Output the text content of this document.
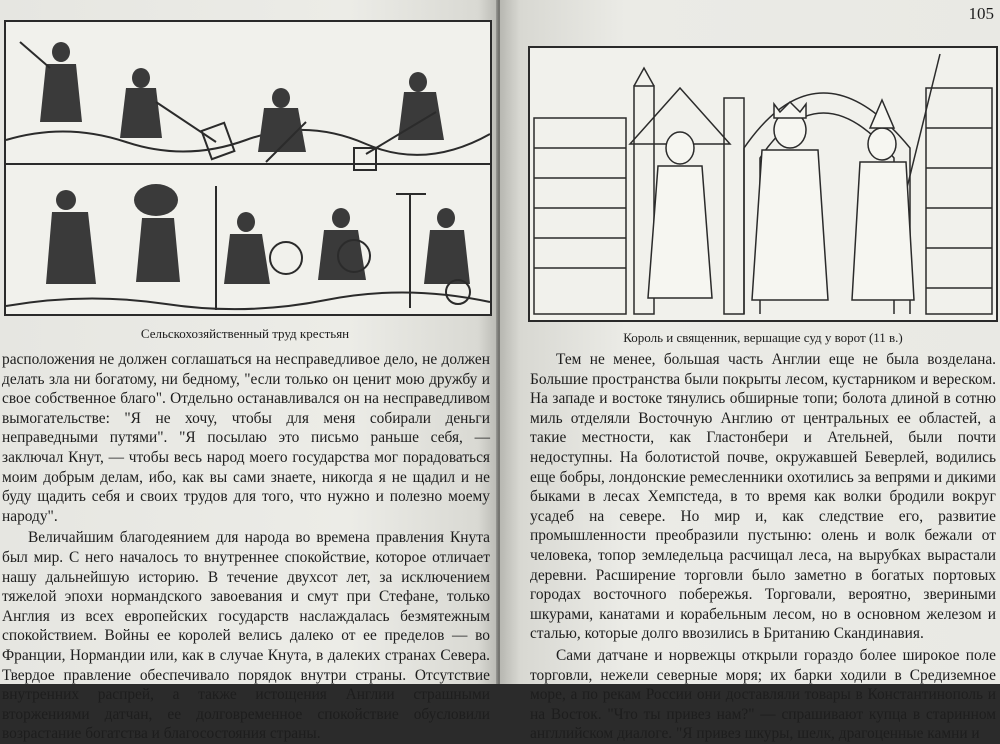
Сельскохозяйственный труд крестьян

расположения не должен соглашаться на несправедливое дело, не должен делать зла ни богатому, ни бедному, "если только он ценит мою дружбу и свое собственное благо". Отдельно останавливался он на несправедливом вымогательстве: "Я не хочу, чтобы для меня собирали деньги неправедными путями". "Я посылаю это письмо раньше себя, — заключал Кнут, — чтобы весь народ моего государства мог порадоваться моим добрым делам, ибо, как вы сами знаете, никогда я не щадил и не буду щадить себя и своих трудов для того, что нужно и полезно моему народу".

Величайшим благодеянием для народа во времена правления Кнута был мир. С него началось то внутреннее спокойствие, которое отличает нашу дальнейшую историю. В течение двухсот лет, за исключением тяжелой эпохи нормандского завоевания и смут при Стефане, только Англия из всех европейских государств наслаждалась безмятежным спокойствием. Войны ее королей велись далеко от ее пределов — во Франции, Нормандии или, как в случае Кнута, в далеких странах Севера. Твердое правление обеспечивало порядок внутри страны. Отсутствие внутренних распрей, а также истощения Англии страшными вторжениями датчан, ее долговременное спокойствие обусловили возрастание богатства и благосостояния страны.

105
Король и священник, вершащие суд у ворот (11 в.)

Тем не менее, большая часть Англии еще не была возделана. Большие пространства были покрыты лесом, кустарником и вереском. На западе и востоке тянулись обширные топи; болота длиной в сотню миль отделяли Восточную Англию от центральных ее областей, а такие местности, как Гластонбери и Ательней, были почти недоступны. На болотистой почве, окружавшей Беверлей, водились еще бобры, лондонские ремесленники охотились за вепрями и дикими быками в лесах Хемпстеда, в то время как волки бродили вокруг усадеб на севере. Но мир и, как следствие его, развитие промышленности преобразили пустыню: олень и волк бежали от человека, топор земледельца расчищал леса, на вырубках вырастали деревни. Расширение торговли было заметно в богатых портовых городах восточного побережья. Торговали, вероятно, звериными шкурами, канатами и корабельным лесом, но в основном железом и сталью, которые долго ввозились в Британию Скандинавия.

Сами датчане и норвежцы открыли гораздо более широкое поле торговли, нежели северные моря; их барки ходили в Средиземное море, а по рекам России они доставляли товары в Константинополь и на Восток. "Что ты привез нам?" — спрашивают купца в старинном англлийском диалоге. "Я привез шкуры, шелк, драгоценные камни и
